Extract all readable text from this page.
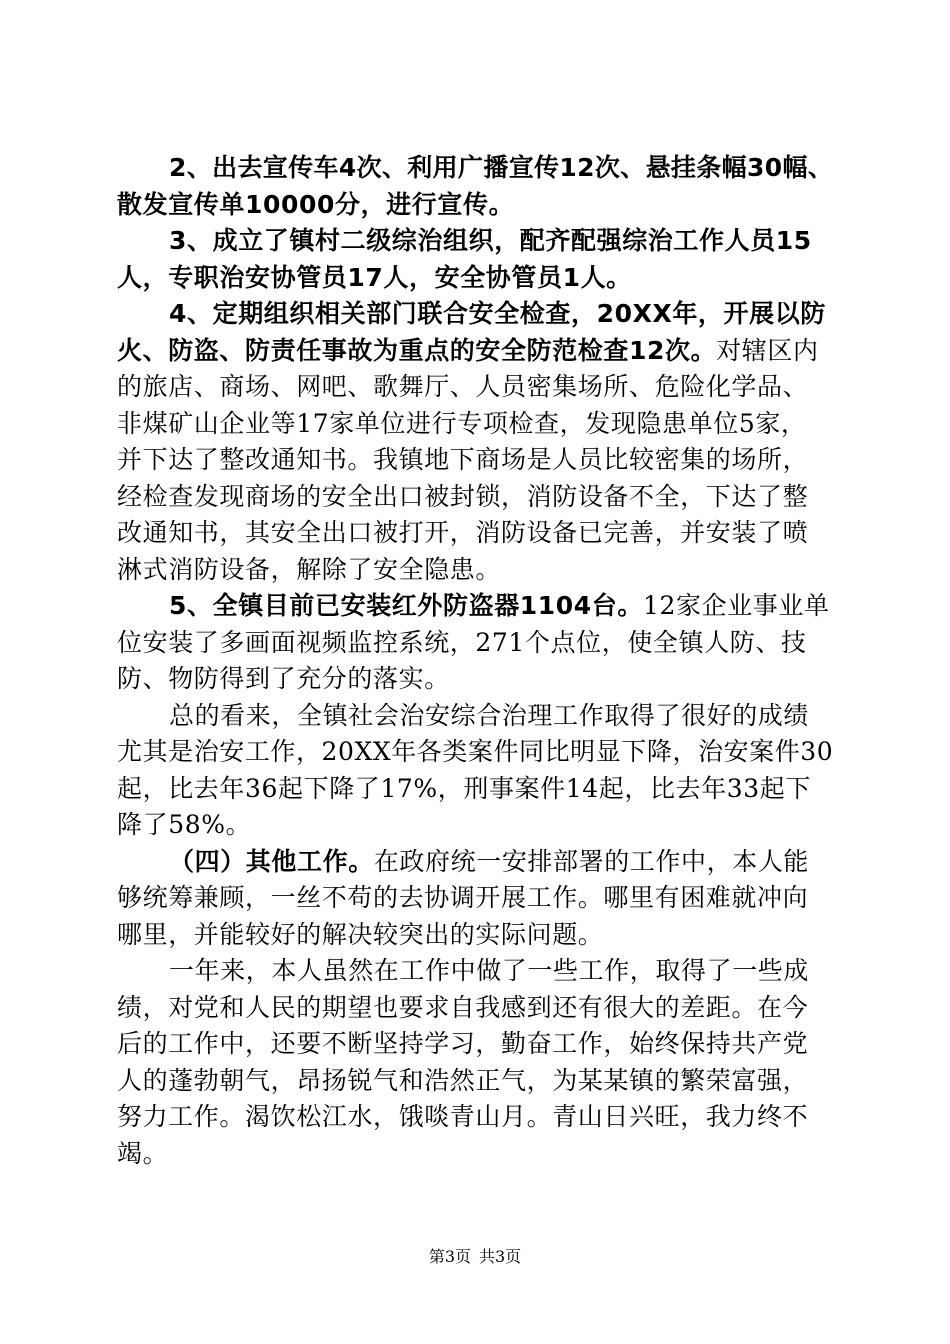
2、出去宣传车4次、利用广播宣传12次、悬挂条幅30幅、
散发宣传单10000分，进行宣传。
3、成立了镇村二级综治组织，配齐配强综治工作人员15
人，专职治安协管员17人，安全协管员1人。
4、定期组织相关部门联合安全检查，20XX年，开展以防
火、防盗、防责任事故为重点的安全防范检查12次。对辖区内
的旅店、商场、网吧、歌舞厅、人员密集场所、危险化学品、
非煤矿山企业等17家单位进行专项检查，发现隐患单位5家，
并下达了整改通知书。我镇地下商场是人员比较密集的场所，
经检查发现商场的安全出口被封锁，消防设备不全，下达了整
改通知书，其安全出口被打开，消防设备已完善，并安装了喷
淋式消防设备，解除了安全隐患。
5、全镇目前已安装红外防盗器1104台。12家企业事业单
位安装了多画面视频监控系统，271个点位，使全镇人防、技
防、物防得到了充分的落实。
总的看来，全镇社会治安综合治理工作取得了很好的成绩
尤其是治安工作，20XX年各类案件同比明显下降，治安案件30
起，比去年36起下降了17%，刑事案件14起，比去年33起下
降了58%。
（四）其他工作。在政府统一安排部署的工作中，本人能
够统筹兼顾，一丝不苟的去协调开展工作。哪里有困难就冲向
哪里，并能较好的解决较突出的实际问题。
一年来，本人虽然在工作中做了一些工作，取得了一些成
绩，对党和人民的期望也要求自我感到还有很大的差距。在今
后的工作中，还要不断坚持学习，勤奋工作，始终保持共产党
人的蓬勃朝气，昂扬锐气和浩然正气，为某某镇的繁荣富强，
努力工作。渴饮松江水，饿啖青山月。青山日兴旺，我力终不
竭。
第3页 共3页
